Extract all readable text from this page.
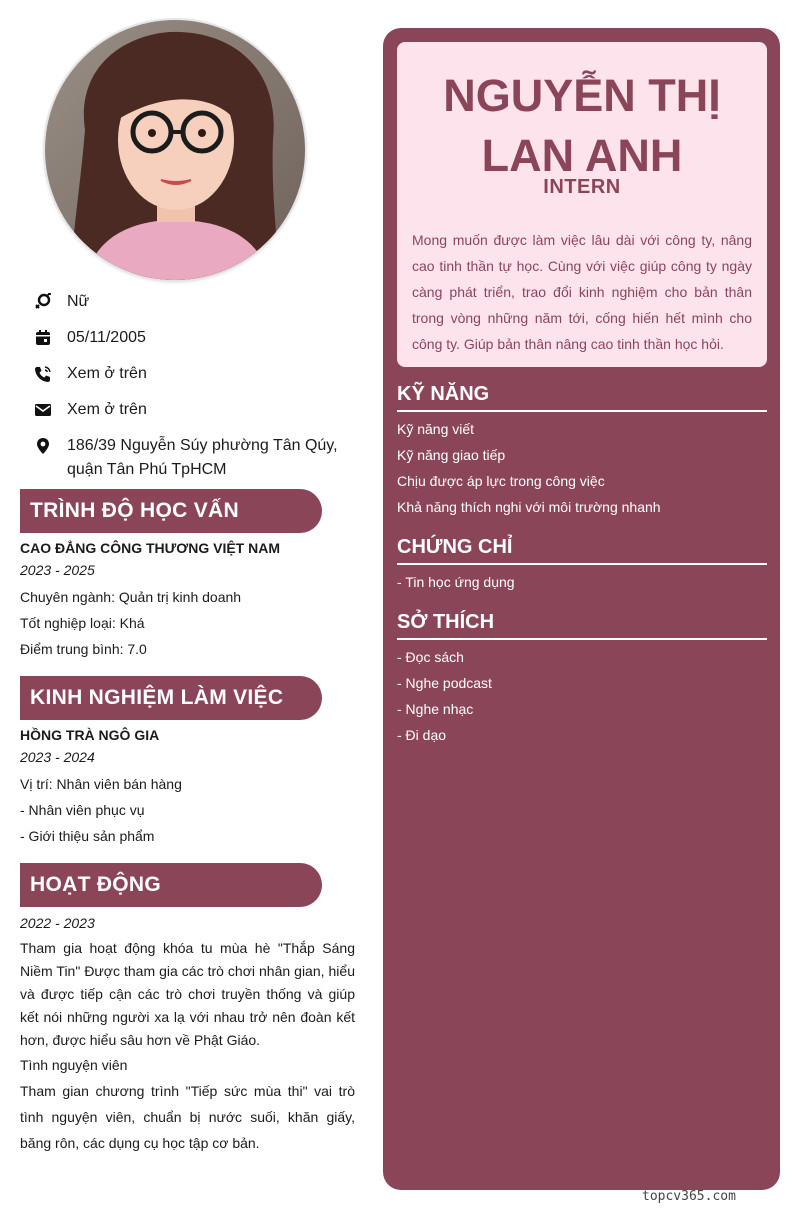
Nữ
05/11/2005
Xem ở trên
Xem ở trên
186/39 Nguyễn Súy phường Tân Qúy, quận Tân Phú TpHCM
TRÌNH ĐỘ HỌC VẤN
CAO ĐẲNG CÔNG THƯƠNG VIỆT NAM
2023 - 2025
Chuyên ngành: Quản trị kinh doanh
Tốt nghiệp loại: Khá
Điểm trung bình: 7.0
KINH NGHIỆM LÀM VIỆC
HỒNG TRÀ NGÔ GIA
2023 - 2024
Vị trí: Nhân viên bán hàng
- Nhân viên phục vụ
- Giới thiệu sản phẩm
HOẠT ĐỘNG
2022 - 2023
Tham gia hoạt động khóa tu mùa hè "Thắp Sáng Niềm Tin" Được tham gia các trò chơi nhân gian, hiểu và được tiếp cận các trò chơi truyền thống và giúp kết nói những người xa lạ với nhau trở nên đoàn kết hơn, được hiểu sâu hơn về Phật Giáo.
Tình nguyện viên
Tham gian chương trình "Tiếp sức mùa thi" vai trò tình nguyện viên, chuẩn bị nước suối, khăn giấy, băng rôn, các dụng cụ học tập cơ bản.
NGUYỄN THỊ LAN ANH
INTERN
Mong muốn được làm việc lâu dài với công ty, nâng cao tinh thần tự học. Cùng với việc giúp công ty ngày càng phát triển, trao đổi kinh nghiệm cho bản thân trong vòng những năm tới, cống hiến hết mình cho công ty. Giúp bản thân nâng cao tinh thần học hỏi.
KỸ NĂNG
Kỹ năng viết
Kỹ năng giao tiếp
Chịu được áp lực trong công việc
Khả năng thích nghi với môi trường nhanh
CHỨNG CHỈ
- Tin học ứng dụng
SỞ THÍCH
- Đọc sách
- Nghe podcast
- Nghe nhạc
- Đi dạo
topcv365.com
